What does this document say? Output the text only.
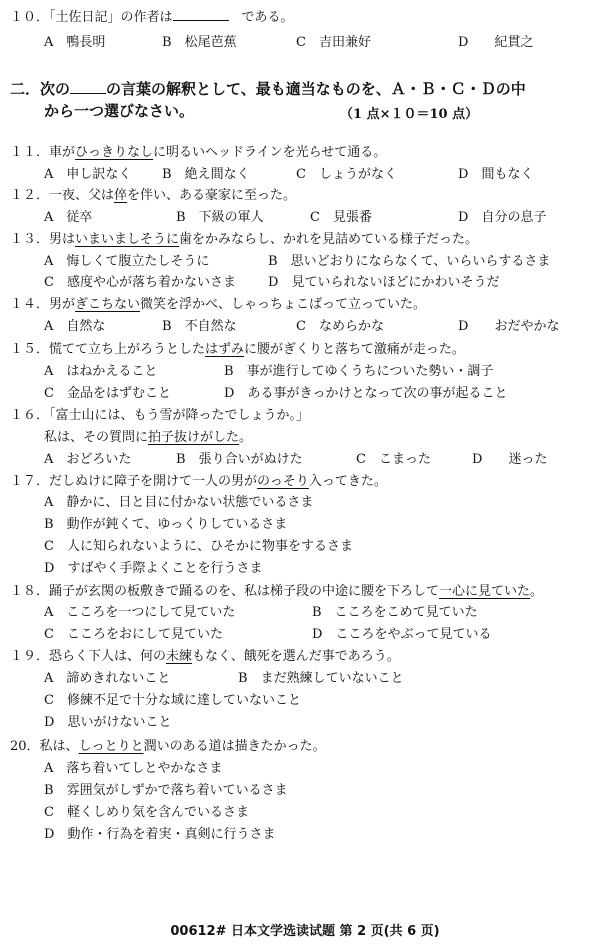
１０．「土佐日記」の作者は　	である。
A　 鴨長明	B　 松尾芭蕉	C　 吉田兼好	D　　 紀貫之
二．次の の言葉の解釈として、最も適当なものを、Ａ・Ｂ・Ｃ・Ｄの中
から一つ選びなさい。	（1 点×１０＝10 点）
１１．車がひっきりなしに明るいヘッドラインを光らせて通る。
A　 申し訳なく B　 絶え間なく	C　 しょうがなく	D　 間もなく
１２．一夜、父は倅を伴い、ある豪家に至った。
A　 従卒	B　 下級の軍人	C　 見張番	D　 自分の息子
１３．男はいまいましそうに歯をかみならし、かれを見詰めている様子だった。
A　 悔しくて腹立たしそうに	B　 思いどおりにならなくて、いらいらするさま
C　 感度や心が落ち着かないさま D　 見ていられないほどにかわいそうだ
１４．男がぎこちない微笑を浮かべ、しゃっちょこばって立っていた。
A　 自然な	B　 不自然な	C　 なめらかな	D　　 おだやかな
１５．慌てて立ち上がろうとしたはずみに腰がぎくりと落ちて激痛が走った。
A　 はねかえること	B　 事が進行してゆくうちについた勢い・調子
C　 金品をはずむこと	D　 ある事がきっかけとなって次の事が起ること
１６．「富士山には、もう雪が降ったでしょうか。」
私は、その質問に拍子抜けがした。
A　 おどろいた	B　 張り合いがぬけた	C　 こまった	D　　 迷った
１７．だしぬけに障子を開けて一人の男がのっそり入ってきた。
A　 静かに、日と目に付かない状態でいるさま
B　 動作が鈍くて、ゆっくりしているさま
C　 人に知られないように、ひそかに物事をするさま
D　 すばやく手際よくことを行うさま
１８．踊子が玄関の板敷きで踊るのを、私は梯子段の中途に腰を下ろして一心に見ていた。
A　 こころを一つにして見ていた	B　 こころをこめて見ていた
C　 こころをおにして見ていた	D　 こころをやぶって見ている
１９．恐らく下人は、何の未練もなく、餓死を選んだ事であろう。
A　 諦めきれないこと	B　 まだ熟練していないこと
C　 修練不足で十分な域に達していないこと
D　 思いがけないこと
20．私は、しっとりと潤いのある道は描きたかった。
A　 落ち着いてしとやかなさま
B　 雰囲気がしずかで落ち着いているさま
C　 軽くしめり気を含んでいるさま
D　 動作・行為を着実・真剣に行うさま
00612# 日本文学选读试题 第 2 页(共 6 页)
